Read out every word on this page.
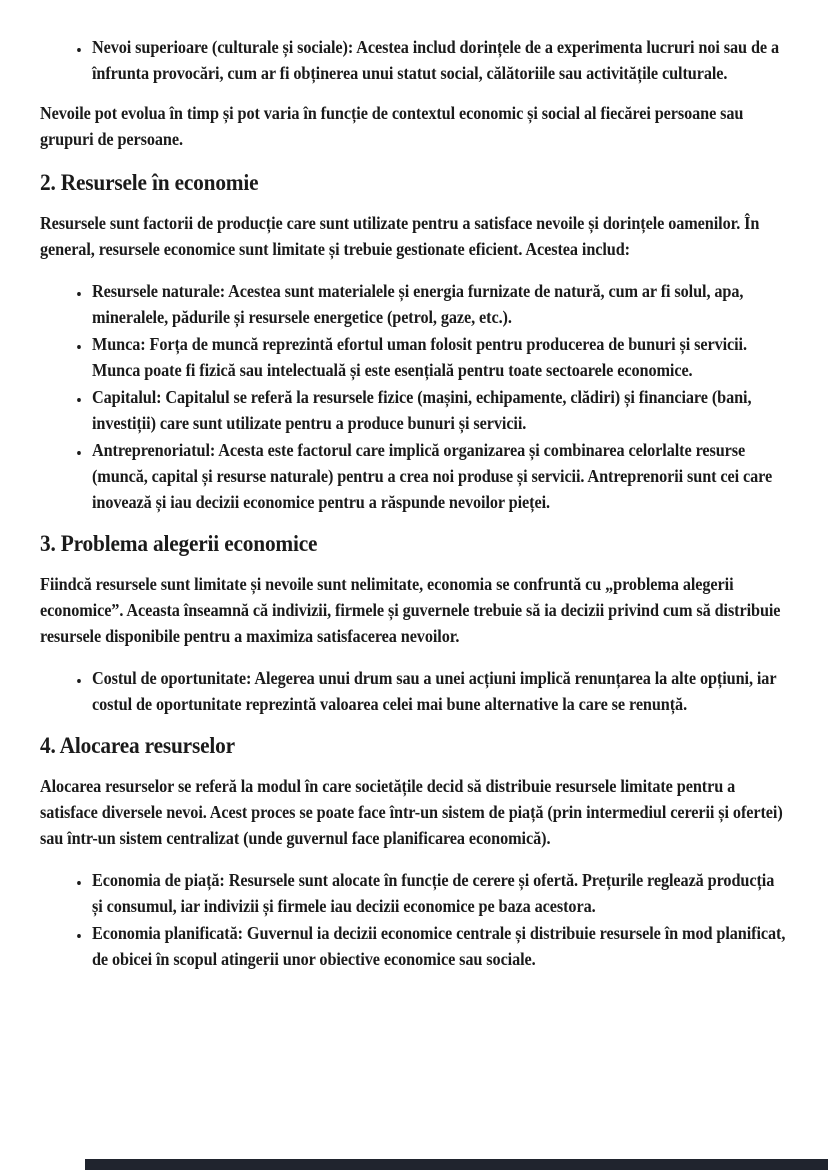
• Nevoi superioare (culturale și sociale): Acestea includ dorințele de a experimenta lucruri noi sau de a înfrunta provocări, cum ar fi obținerea unui statut social, călătoriile sau activitățile culturale.

Nevoile pot evolua în timp și pot varia în funcție de contextul economic și social al fiecărei persoane sau grupuri de persoane.

2. Resursele în economie

Resursele sunt factorii de producție care sunt utilizate pentru a satisface nevoile și dorințele oamenilor. În general, resursele economice sunt limitate și trebuie gestionate eficient. Acestea includ:

• Resursele naturale: Acestea sunt materialele și energia furnizate de natură, cum ar fi solul, apa, mineralele, pădurile și resursele energetice (petrol, gaze, etc.).
• Munca: Forța de muncă reprezintă efortul uman folosit pentru producerea de bunuri și servicii. Munca poate fi fizică sau intelectuală și este esențială pentru toate sectoarele economice.
• Capitalul: Capitalul se referă la resursele fizice (mașini, echipamente, clădiri) și financiare (bani, investiții) care sunt utilizate pentru a produce bunuri și servicii.
• Antreprenoriatul: Acesta este factorul care implică organizarea și combinarea celorlalte resurse (muncă, capital și resurse naturale) pentru a crea noi produse și servicii. Antreprenorii sunt cei care inovează și iau decizii economice pentru a răspunde nevoilor pieței.
3. Problema alegerii economice

Fiindcă resursele sunt limitate și nevoile sunt nelimitate, economia se confruntă cu „problema alegerii economice”. Aceasta înseamnă că indivizii, firmele și guvernele trebuie să ia decizii privind cum să distribuie resursele disponibile pentru a maximiza satisfacerea nevoilor.

• Costul de oportunitate: Alegerea unui drum sau a unei acțiuni implică renunțarea la alte opțiuni, iar costul de oportunitate reprezintă valoarea celei mai bune alternative la care se renunță.
4. Alocarea resurselor

Alocarea resurselor se referă la modul în care societățile decid să distribuie resursele limitate pentru a satisface diversele nevoi. Acest proces se poate face într-un sistem de piață (prin intermediul cererii și ofertei) sau într-un sistem centralizat (unde guvernul face planificarea economică).

• Economia de piață: Resursele sunt alocate în funcție de cerere și ofertă. Prețurile reglează producția și consumul, iar indivizii și firmele iau decizii economice pe baza acestora.
• Economia planificată: Guvernul ia decizii economice centrale și distribuie resursele în mod planificat, de obicei în scopul atingerii unor obiective economice sau sociale.
